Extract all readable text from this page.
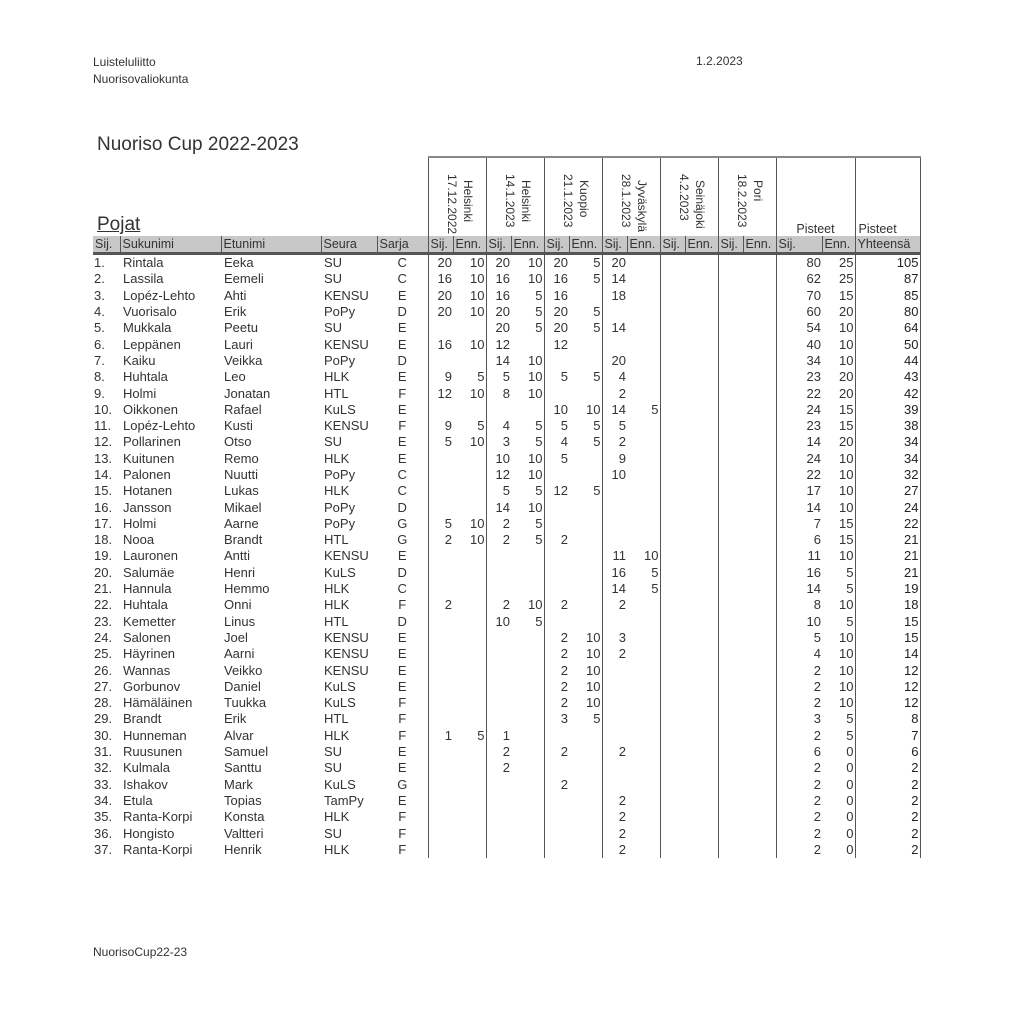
Luisteluliitto
Nuorisovaliokunta
1.2.2023
Nuoriso Cup 2022-2023
Pojat					17.12.2022 Helsinki		14.1.2023 Helsinki		21.1.2023 Kuopio		28.1.2023 Jyväskylä		4.2.2023 Seinäjoki		18.2.2023 Pori		Pisteet		Pisteet
Sij.	Sukunimi	Etunimi	Seura	Sarja	Sij.	Enn.	Sij.	Enn.	Sij.	Enn.	Sij.	Enn.	Sij.	Enn.	Sij.	Enn.	Sij.	Enn.	Yhteensä
1.	Rintala	Eeka	SU	C	20	10	20	10	20	5	20						80	25	105
2.	Lassila	Eemeli	SU	C	16	10	16	10	16	5	14						62	25	87
3.	Lopéz-Lehto	Ahti	KENSU	E	20	10	16	5	16		18						70	15	85
4.	Vuorisalo	Erik	PoPy	D	20	10	20	5	20	5							60	20	80
5.	Mukkala	Peetu	SU	E			20	5	20	5	14						54	10	64
6.	Leppänen	Lauri	KENSU	E	16	10	12		12								40	10	50
7.	Kaiku	Veikka	PoPy	D			14	10			20						34	10	44
8.	Huhtala	Leo	HLK	E	9	5	5	10	5	5	4						23	20	43
9.	Holmi	Jonatan	HTL	F	12	10	8	10			2						22	20	42
10.	Oikkonen	Rafael	KuLS	E					10	10	14	5					24	15	39
11.	Lopéz-Lehto	Kusti	KENSU	F	9	5	4	5	5	5	5						23	15	38
12.	Pollarinen	Otso	SU	E	5	10	3	5	4	5	2						14	20	34
13.	Kuitunen	Remo	HLK	E			10	10	5		9						24	10	34
14.	Palonen	Nuutti	PoPy	C			12	10			10						22	10	32
15.	Hotanen	Lukas	HLK	C			5	5	12	5							17	10	27
16.	Jansson	Mikael	PoPy	D			14	10									14	10	24
17.	Holmi	Aarne	PoPy	G	5	10	2	5									7	15	22
18.	Nooa	Brandt	HTL	G	2	10	2	5	2								6	15	21
19.	Lauronen	Antti	KENSU	E							11	10					11	10	21
20.	Salumäe	Henri	KuLS	D							16	5					16	5	21
21.	Hannula	Hemmo	HLK	C							14	5					14	5	19
22.	Huhtala	Onni	HLK	F	2		2	10	2		2						8	10	18
23.	Kemetter	Linus	HTL	D			10	5									10	5	15
24.	Salonen	Joel	KENSU	E					2	10	3						5	10	15
25.	Häyrinen	Aarni	KENSU	E					2	10	2						4	10	14
26.	Wannas	Veikko	KENSU	E					2	10							2	10	12
27.	Gorbunov	Daniel	KuLS	E					2	10							2	10	12
28.	Hämäläinen	Tuukka	KuLS	F					2	10							2	10	12
29.	Brandt	Erik	HTL	F					3	5							3	5	8
30.	Hunneman	Alvar	HLK	F	1	5	1										2	5	7
31.	Ruusunen	Samuel	SU	E			2		2		2						6	0	6
32.	Kulmala	Santtu	SU	E			2										2	0	2
33.	Ishakov	Mark	KuLS	G					2								2	0	2
34.	Etula	Topias	TamPy	E							2						2	0	2
35.	Ranta-Korpi	Konsta	HLK	F							2						2	0	2
36.	Hongisto	Valtteri	SU	F							2						2	0	2
37.	Ranta-Korpi	Henrik	HLK	F							2						2	0	2
NuorisoCup22-23
